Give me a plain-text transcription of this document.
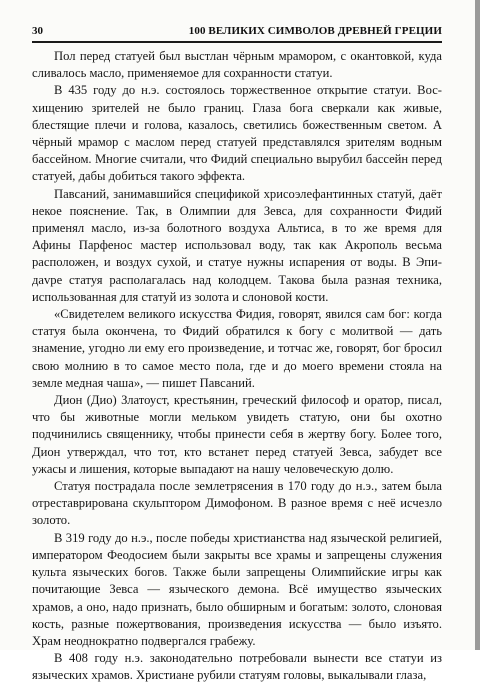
30	100 ВЕЛИКИХ СИМВОЛОВ ДРЕВНЕЙ ГРЕЦИИ

Пол перед статуей был выстлан чёрным мрамором, с окантовкой, куда сливалось масло, применяемое для сохранности статуи.

В 435 году до н.э. состоялось торжественное открытие статуи. Восхищению зрителей не было границ. Глаза бога сверкали как живые, блестящие плечи и голова, казалось, светились божественным светом. А чёрный мрамор с маслом перед статуей представлялся зрителям водным бассейном. Многие считали, что Фидий специально вырубил бассейн перед статуей, дабы добиться такого эффекта.

Павсаний, занимавшийся спецификой хрисоэлефантинных статуй, даёт некое пояснение. Так, в Олимпии для Зевса, для сохранности Фидий применял масло, из-за болотного воздуха Альтиса, в то же время для Афины Парфенос мастер использовал воду, так как Акрополь весьма расположен, и воздух сухой, и статуе нужны испарения от воды. В Эпидavре статуя располагалась над колодцем. Такова была разная техника, использованная для статуй из золота и слоновой кости.

«Свидетелем великого искусства Фидия, говорят, явился сам бог: когда статуя была окончена, то Фидий обратился к богу с молитвой — дать знамение, угодно ли ему его произведение, и тотчас же, говорят, бог бросил свою молнию в то самое место пола, где и до моего времени стояла на земле медная чаша», — пишет Павсаний.

Дион (Дио) Златоуст, крестьянин, греческий философ и оратор, писал, что бы животные могли мельком увидеть статую, они бы охотно подчинились священнику, чтобы принести себя в жертву богу. Более того, Дион утверждал, что тот, кто встанет перед статуей Зевса, забудет все ужасы и лишения, которые выпадают на нашу человеческую долю.

Статуя пострадала после землетрясения в 170 году до н.э., затем была отреставрирована скульптором Димофоном. В разное время с неё исчезло золото.

В 319 году до н.э., после победы христианства над языческой религией, императором Феодосием были закрыты все храмы и запрещены служения культа языческих богов. Также были запрещены Олимпийские игры как почитающие Зевса — языческого демона. Всё имущество языческих храмов, а оно, надо признать, было обширным и богатым: золото, слоновая кость, разные пожертвования, произведения искусства — было изъято. Храм неоднократно подвергался грабежу.

В 408 году н.э. законодательно потребовали вынести все статуи из языческих храмов. Христиане рубили статуям головы, выкалывали глаза,
